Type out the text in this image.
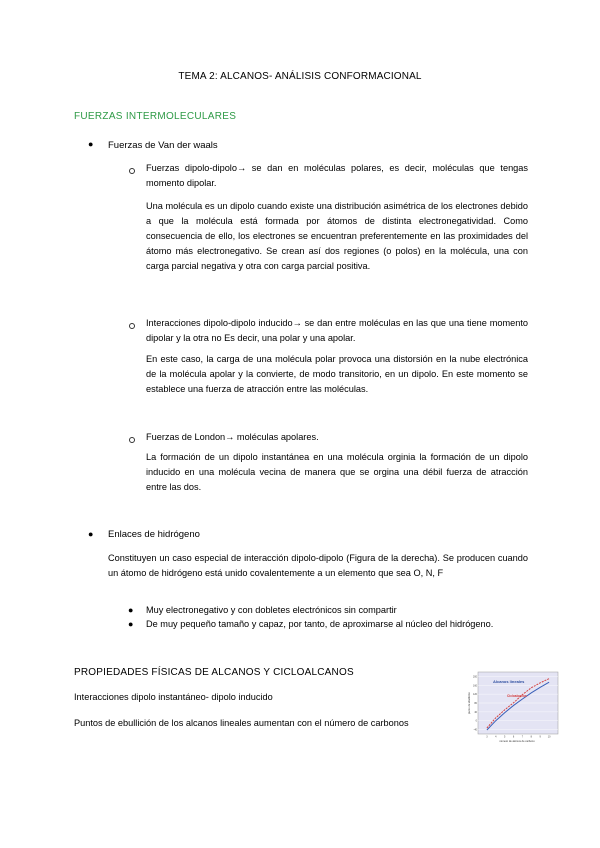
TEMA 2: ALCANOS- ANÁLISIS CONFORMACIONAL
FUERZAS INTERMOLECULARES
● Fuerzas de Van der waals
Fuerzas dipolo-dipolo→ se dan en moléculas polares, es decir, moléculas que tengas momento dipolar.
Una molécula es un dipolo cuando existe una distribución asimétrica de los electrones debido a que la molécula está formada por átomos de distinta electronegatividad. Como consecuencia de ello, los electrones se encuentran preferentemente en las proximidades del átomo más electronegativo. Se crean así dos regiones (o polos) en la molécula, una con carga parcial negativa y otra con carga parcial positiva.
Interacciones dipolo-dipolo inducido→ se dan entre moléculas en las que una tiene momento dipolar y la otra no Es decir, una polar y una apolar.
En este caso, la carga de una molécula polar provoca una distorsión en la nube electrónica de la molécula apolar y la convierte, de modo transitorio, en un dipolo. En este momento se establece una fuerza de atracción entre las moléculas.
Fuerzas de London→ moléculas apolares.
La formación de un dipolo instantánea en una molécula orginia la formación de un dipolo inducido en una molécula vecina de manera que se orgina una débil fuerza de atracción entre las dos.
● Enlaces de hidrógeno
Constituyen un caso especial de interacción dipolo-dipolo (Figura de la derecha). Se producen cuando un átomo de hidrógeno está unido covalentemente a un elemento que sea O, N, F
● Muy electronegativo y con dobletes electrónicos sin compartir
● De muy pequeño tamaño y capaz, por tanto, de aproximarse al núcleo del hidrógeno.
PROPIEDADES FÍSICAS DE ALCANOS Y CICLOALCANOS
Interacciones dipolo instantáneo- dipolo inducido
Puntos de ebullición de los alcanos lineales aumentan con el número de carbonos
Alcanos lineales
Cicloalcanos
número de átomos de carbono
punto de ebullición
-40
0
40
80
120
160
200
3	4	5	6	7	8	9	10
